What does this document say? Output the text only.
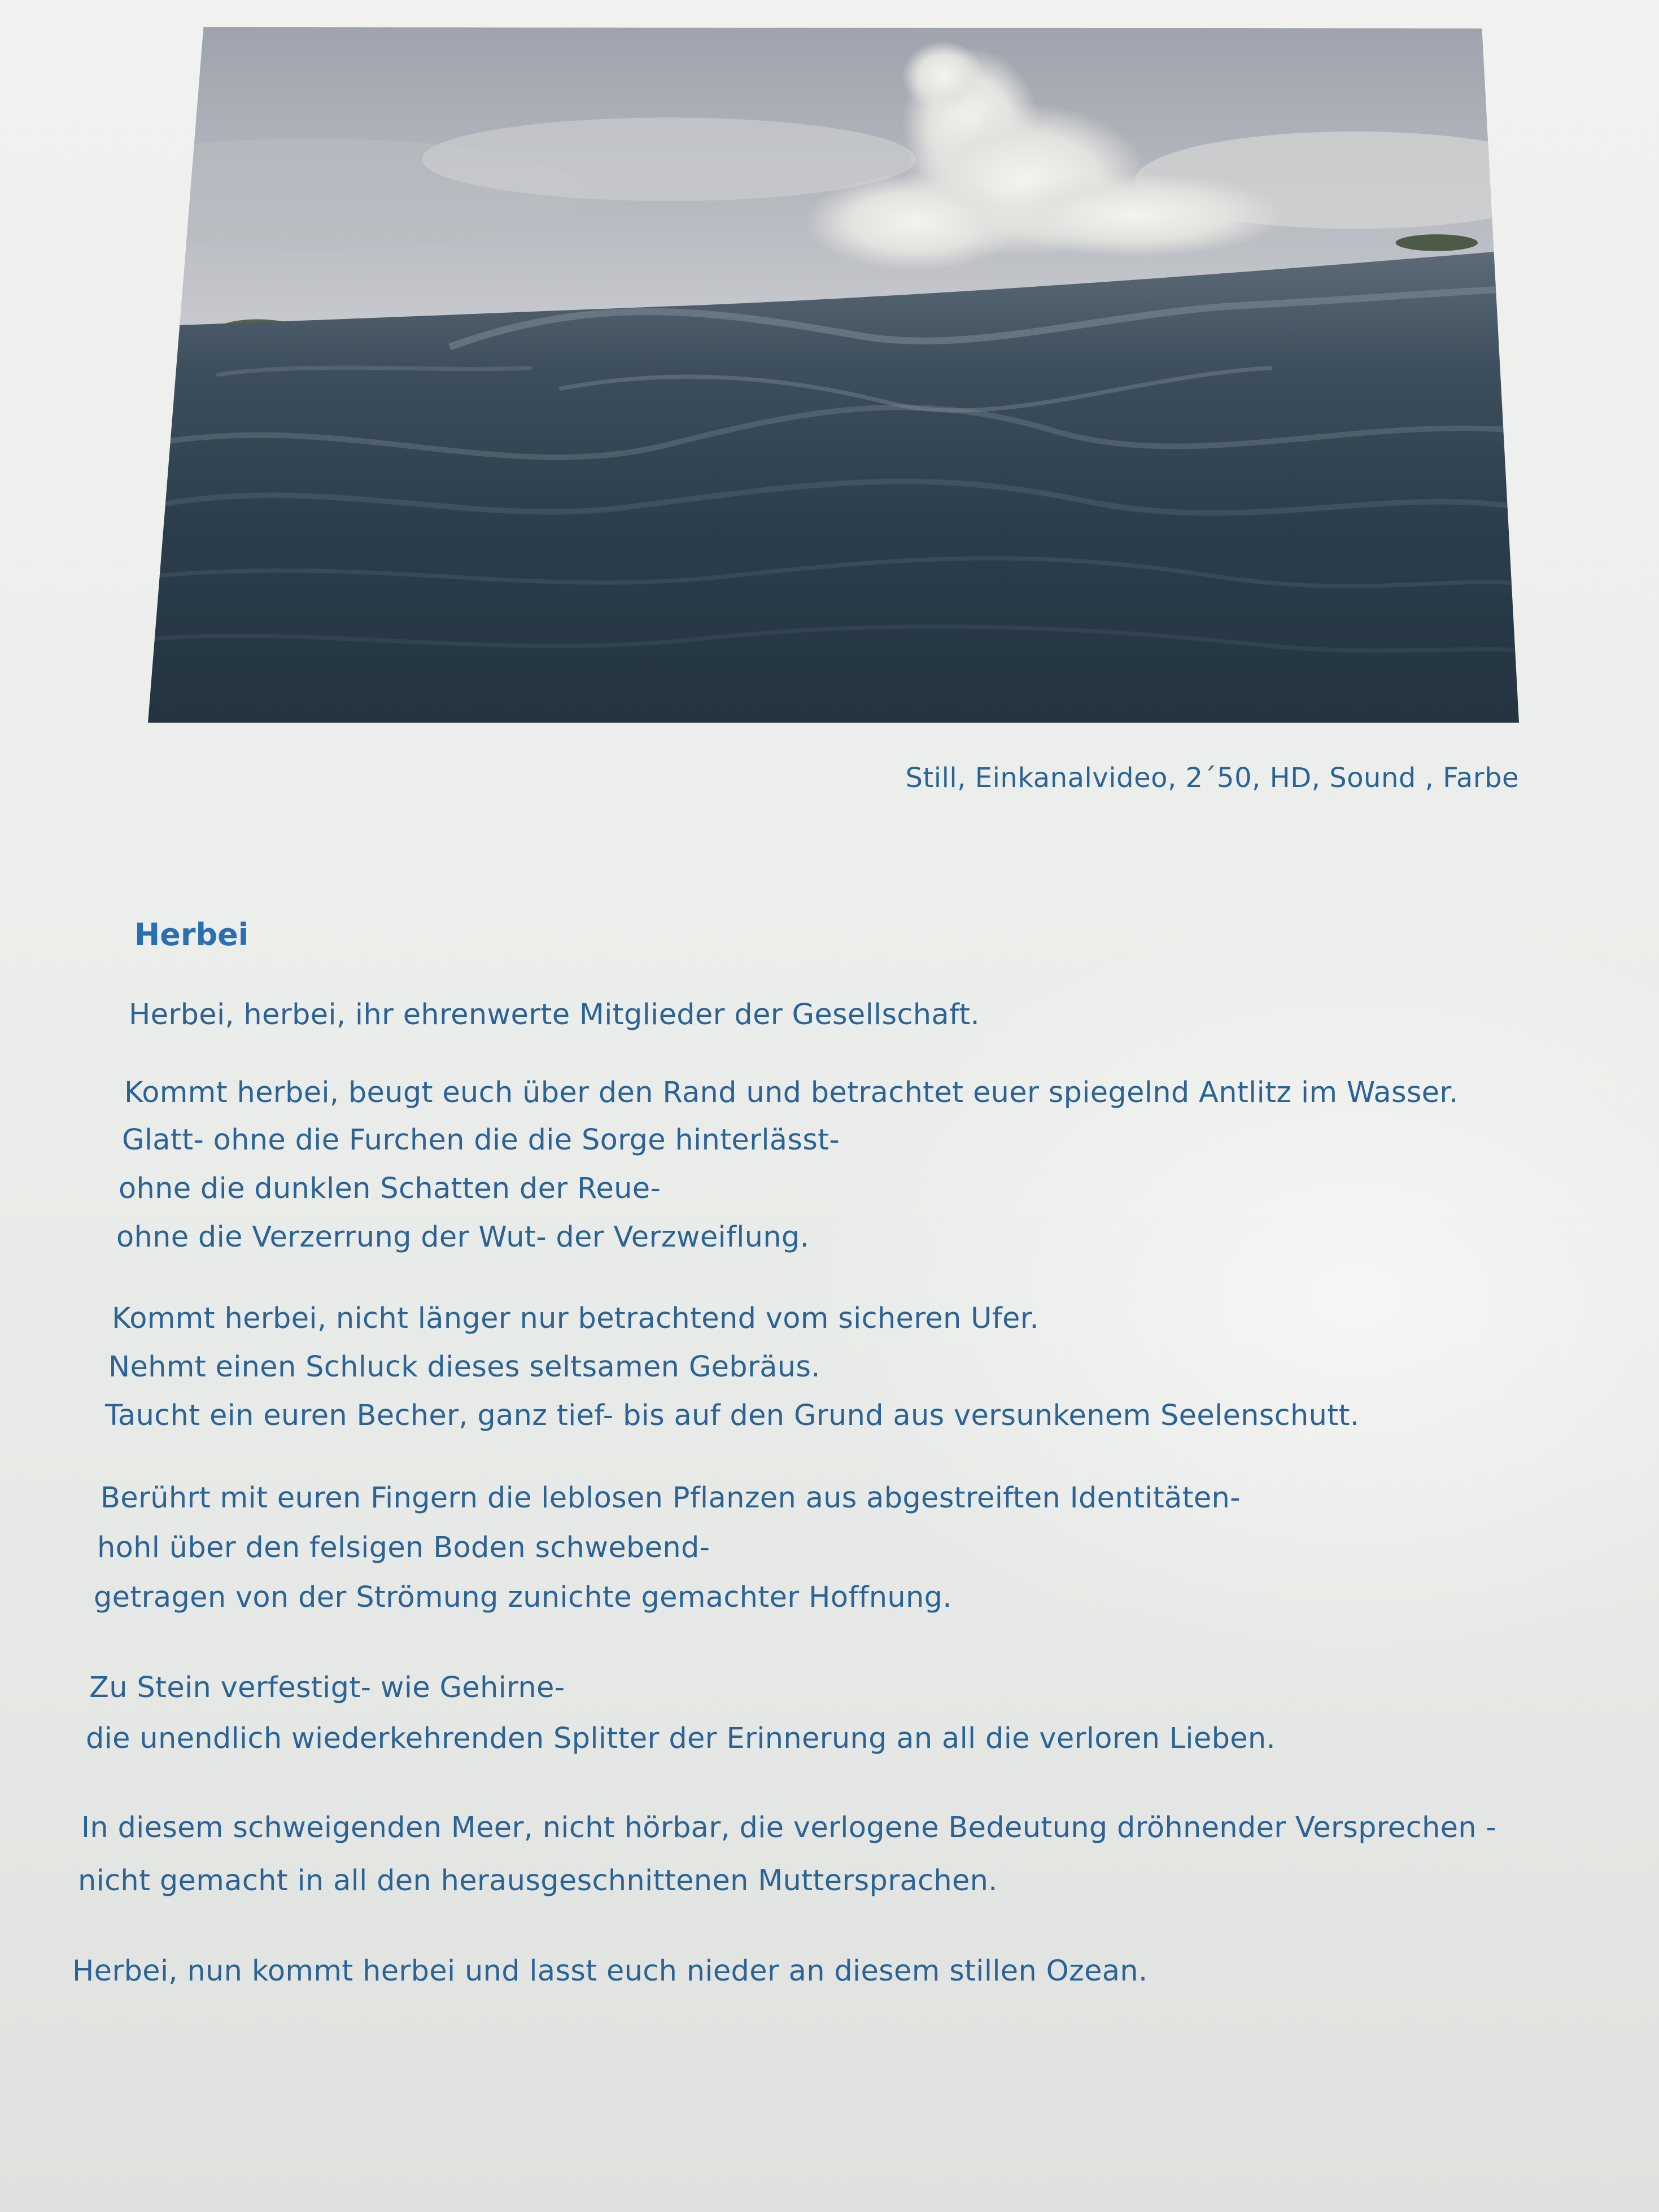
Still, Einkanalvideo, 2´50, HD, Sound , Farbe
Herbei
Herbei, herbei, ihr ehrenwerte Mitglieder der Gesellschaft.
Kommt herbei, beugt euch über den Rand und betrachtet euer spiegelnd Antlitz im Wasser.
Glatt- ohne die Furchen die die Sorge hinterlässt-
ohne die dunklen Schatten der Reue-
ohne die Verzerrung der Wut- der Verzweiflung.
Kommt herbei, nicht länger nur betrachtend vom sicheren Ufer.
Nehmt einen Schluck dieses seltsamen Gebräus.
Taucht ein euren Becher, ganz tief- bis auf den Grund aus versunkenem Seelenschutt.
Berührt mit euren Fingern die leblosen Pflanzen aus abgestreiften Identitäten-
hohl über den felsigen Boden schwebend-
getragen von der Strömung zunichte gemachter Hoffnung.
Zu Stein verfestigt- wie Gehirne-
die unendlich wiederkehrenden Splitter der Erinnerung an all die verloren Lieben.
In diesem schweigenden Meer, nicht hörbar, die verlogene Bedeutung dröhnender Versprechen -
nicht gemacht in all den herausgeschnittenen Muttersprachen.
Herbei, nun kommt herbei und lasst euch nieder an diesem stillen Ozean.
